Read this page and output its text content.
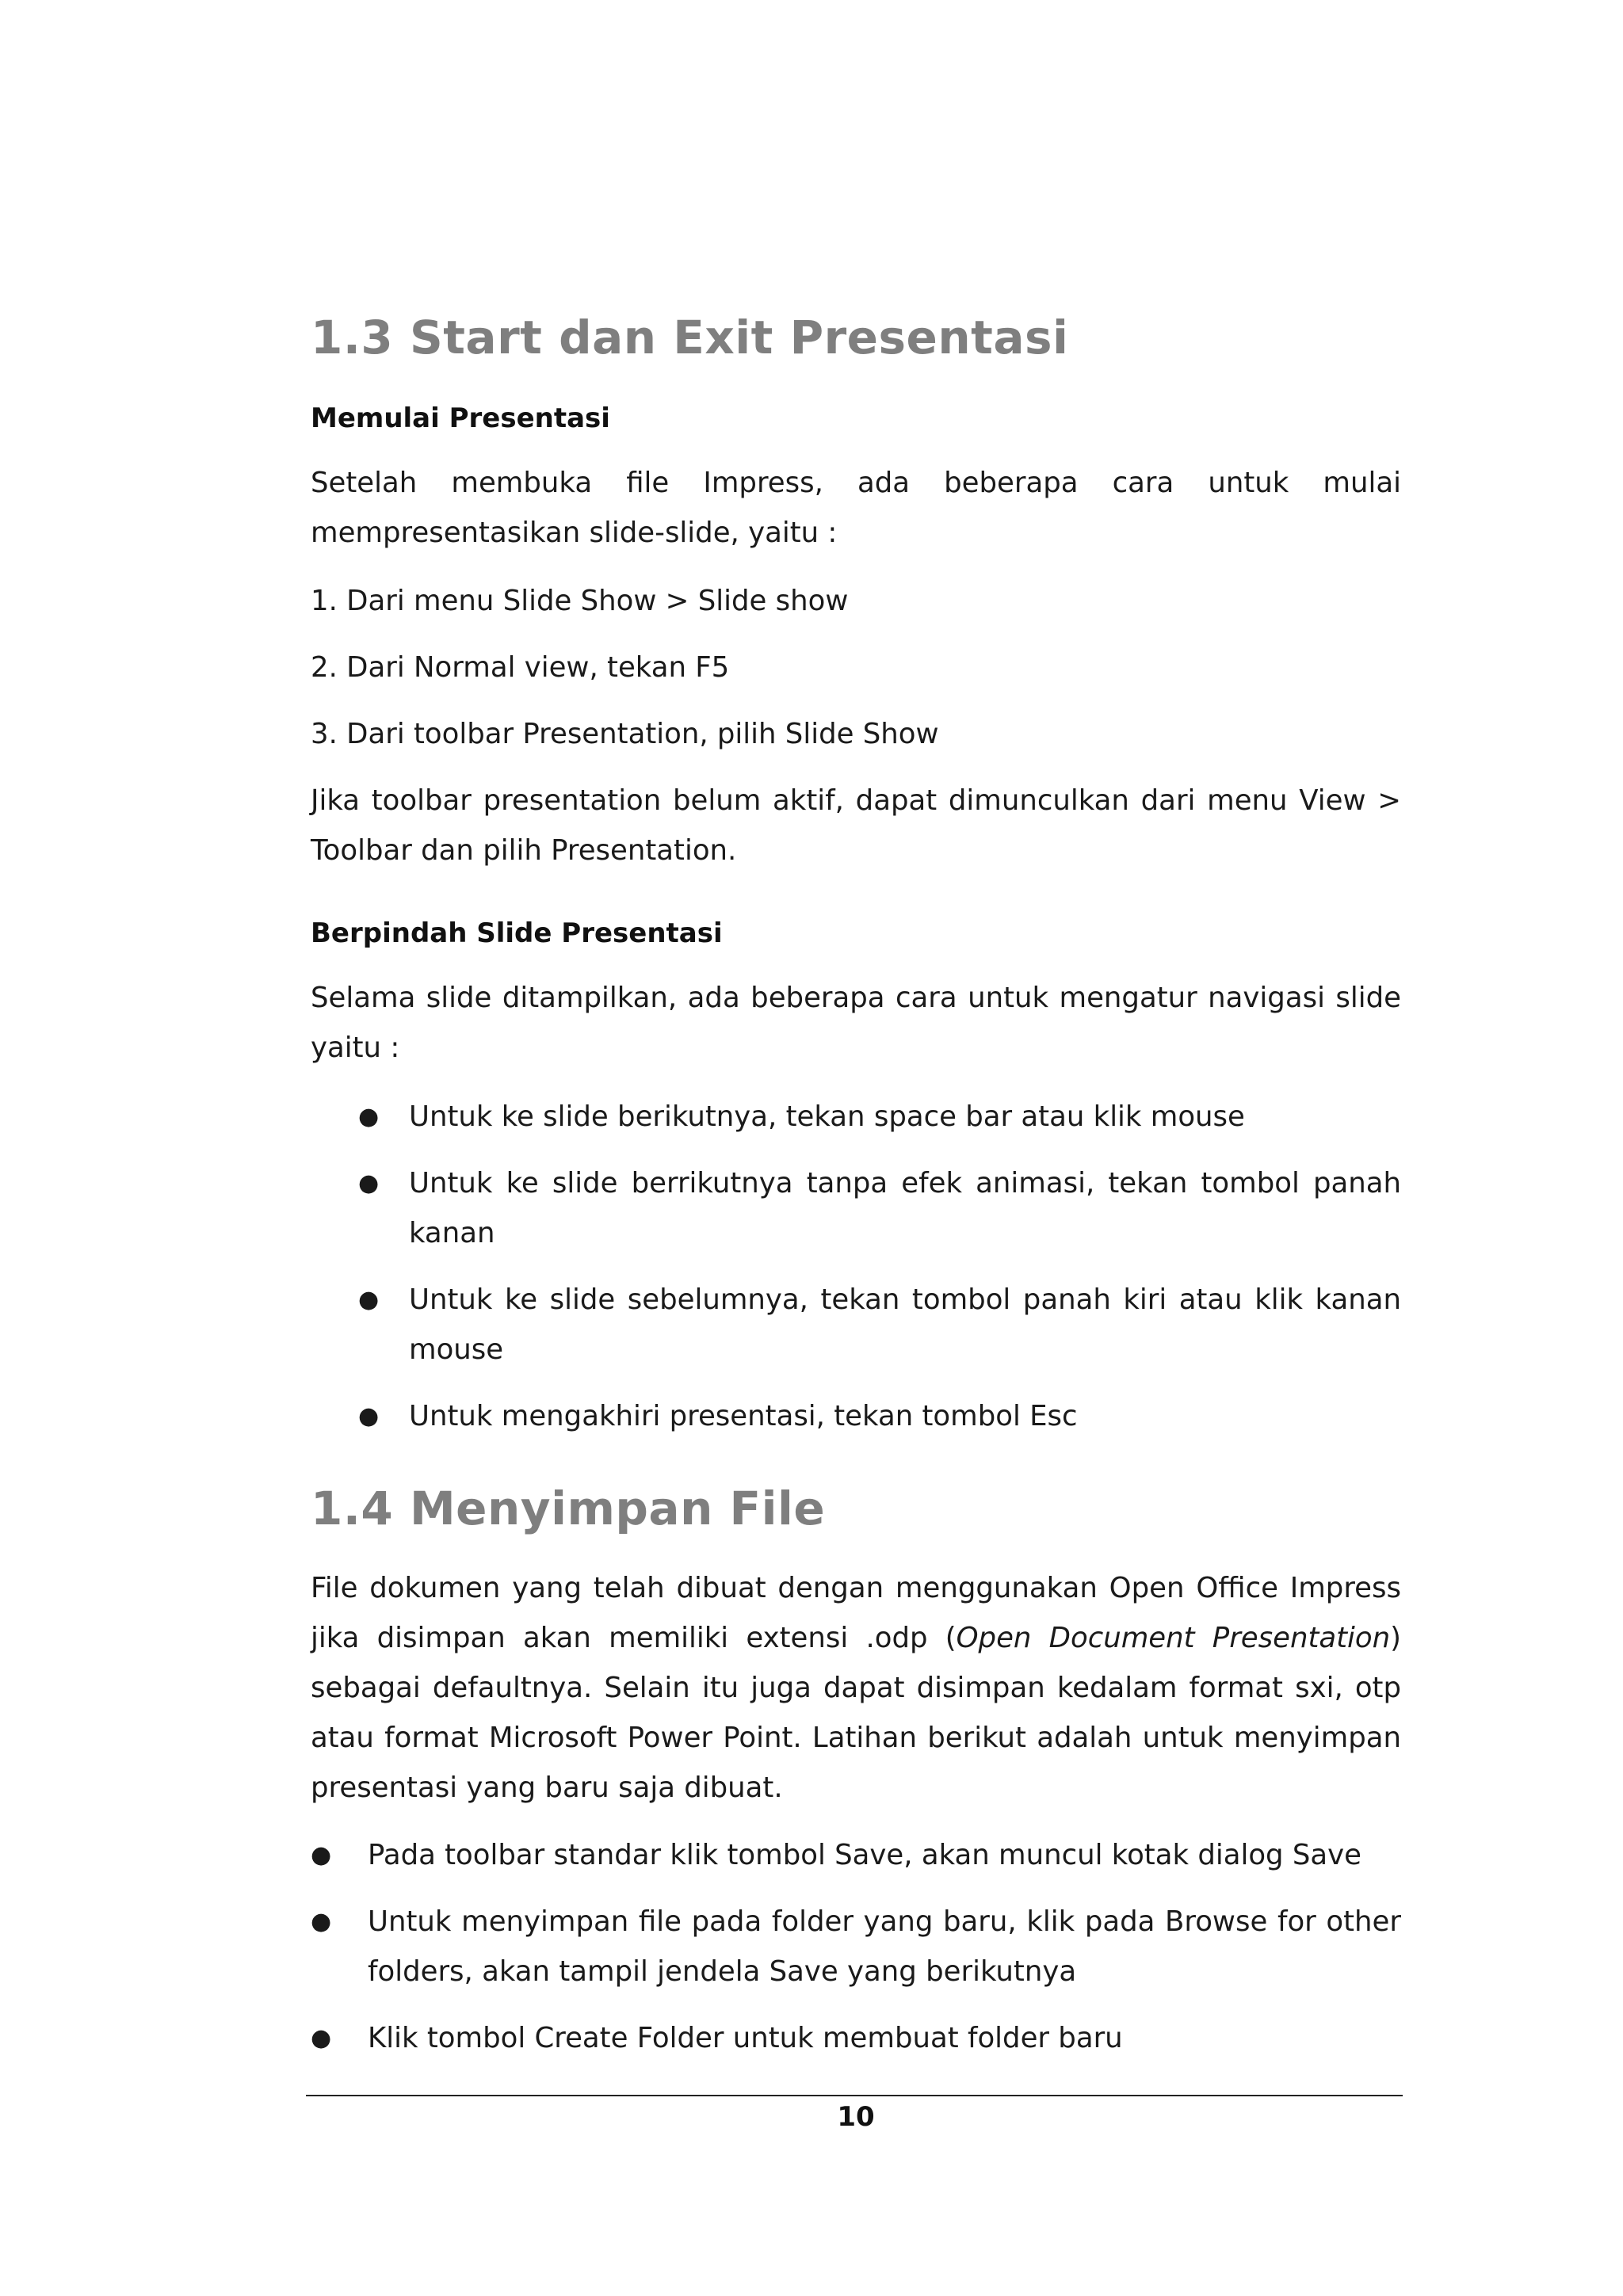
1.3 Start dan Exit Presentasi
Memulai Presentasi
Setelah membuka file Impress, ada beberapa cara untuk mulai
mempresentasikan slide-slide, yaitu :
1. Dari menu Slide Show > Slide show
2. Dari Normal view, tekan F5
3. Dari toolbar Presentation, pilih Slide Show

Jika toolbar presentation belum aktif, dapat dimunculkan dari menu View > Toolbar dan pilih Presentation.

Berpindah Slide Presentasi

Selama slide ditampilkan, ada beberapa cara untuk mengatur navigasi slide yaitu :

● Untuk ke slide berikutnya, tekan space bar atau klik mouse
● Untuk ke slide berrikutnya tanpa efek animasi, tekan tombol panah kanan
● Untuk ke slide sebelumnya, tekan tombol panah kiri atau klik kanan mouse
● Untuk mengakhiri presentasi, tekan tombol Esc
1.4 Menyimpan File

File dokumen yang telah dibuat dengan menggunakan Open Office Impress jika disimpan akan memiliki extensi .odp (Open Document Presentation) sebagai defaultnya. Selain itu juga dapat disimpan kedalam format sxi, otp atau format Microsoft Power Point. Latihan berikut adalah untuk menyimpan presentasi yang baru saja dibuat.

● Pada toolbar standar klik tombol Save, akan muncul kotak dialog Save
● Untuk menyimpan file pada folder yang baru, klik pada Browse for other folders, akan tampil jendela Save yang berikutnya
● Klik tombol Create Folder untuk membuat folder baru
10
